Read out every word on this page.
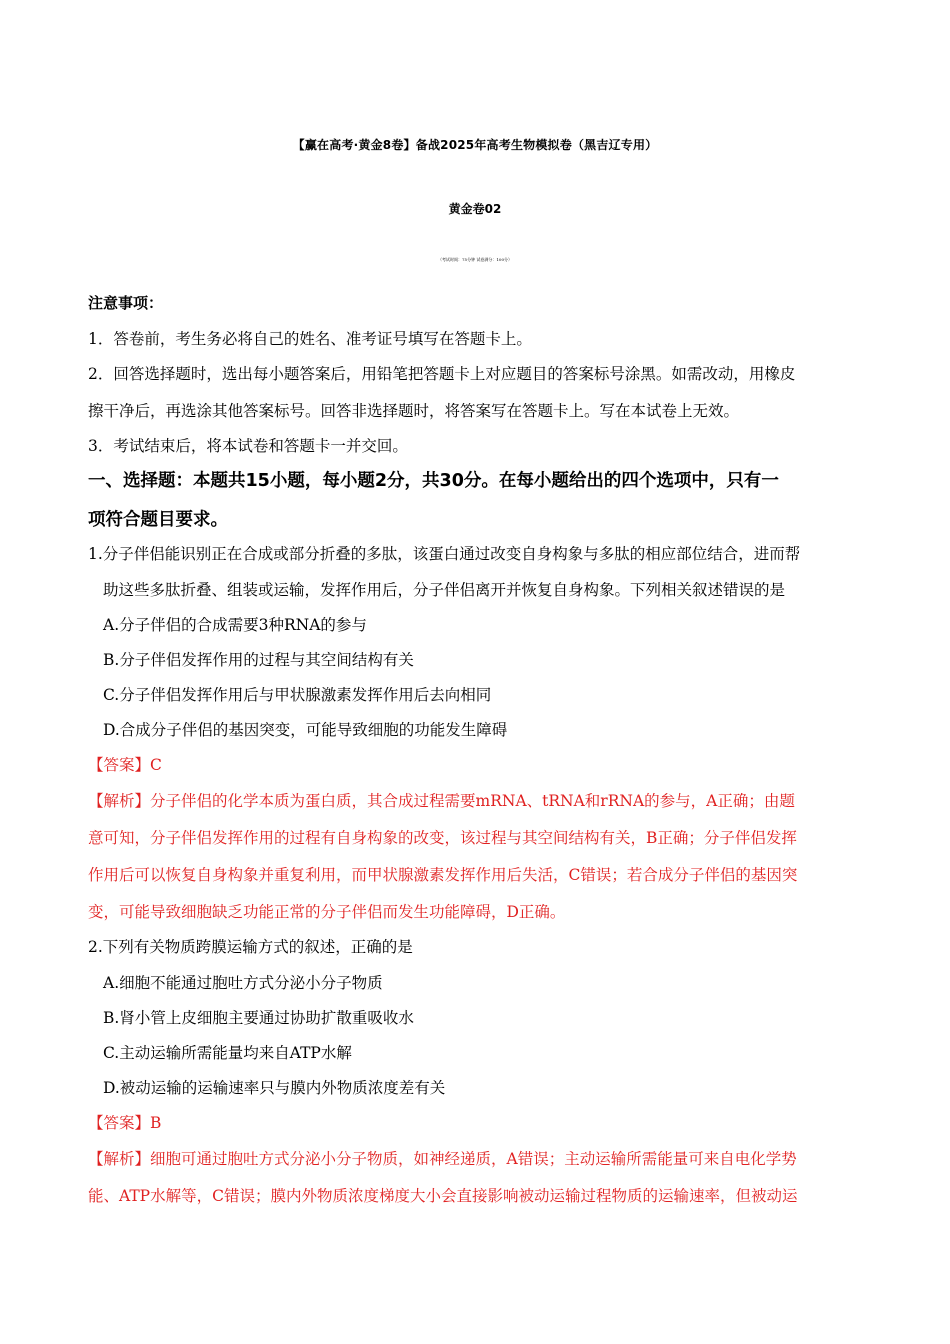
【赢在高考·黄金8卷】备战2025年高考生物模拟卷（黑吉辽专用）
黄金卷02
（考试时间：75分钟 试卷满分：100分）
注意事项：
1．答卷前，考生务必将自己的姓名、准考证号填写在答题卡上。
2．回答选择题时，选出每小题答案后，用铅笔把答题卡上对应题目的答案标号涂黑。如需改动，用橡皮
擦干净后，再选涂其他答案标号。回答非选择题时，将答案写在答题卡上。写在本试卷上无效。
3．考试结束后，将本试卷和答题卡一并交回。
一、选择题：本题共15小题，每小题2分，共30分。在每小题给出的四个选项中，只有一
项符合题目要求。
1.分子伴侣能识别正在合成或部分折叠的多肽，该蛋白通过改变自身构象与多肽的相应部位结合，进而帮
助这些多肽折叠、组装或运输，发挥作用后，分子伴侣离开并恢复自身构象。下列相关叙述错误的是
A.分子伴侣的合成需要3种RNA的参与
B.分子伴侣发挥作用的过程与其空间结构有关
C.分子伴侣发挥作用后与甲状腺激素发挥作用后去向相同
D.合成分子伴侣的基因突变，可能导致细胞的功能发生障碍
【答案】C
【解析】分子伴侣的化学本质为蛋白质，其合成过程需要mRNA、tRNA和rRNA的参与，A正确；由题
意可知，分子伴侣发挥作用的过程有自身构象的改变，该过程与其空间结构有关，B正确；分子伴侣发挥
作用后可以恢复自身构象并重复利用，而甲状腺激素发挥作用后失活，C错误；若合成分子伴侣的基因突
变，可能导致细胞缺乏功能正常的分子伴侣而发生功能障碍，D正确。
2.下列有关物质跨膜运输方式的叙述，正确的是
A.细胞不能通过胞吐方式分泌小分子物质
B.肾小管上皮细胞主要通过协助扩散重吸收水
C.主动运输所需能量均来自ATP水解
D.被动运输的运输速率只与膜内外物质浓度差有关
【答案】B
【解析】细胞可通过胞吐方式分泌小分子物质，如神经递质，A错误；主动运输所需能量可来自电化学势
能、ATP水解等，C错误；膜内外物质浓度梯度大小会直接影响被动运输过程物质的运输速率，但被动运
